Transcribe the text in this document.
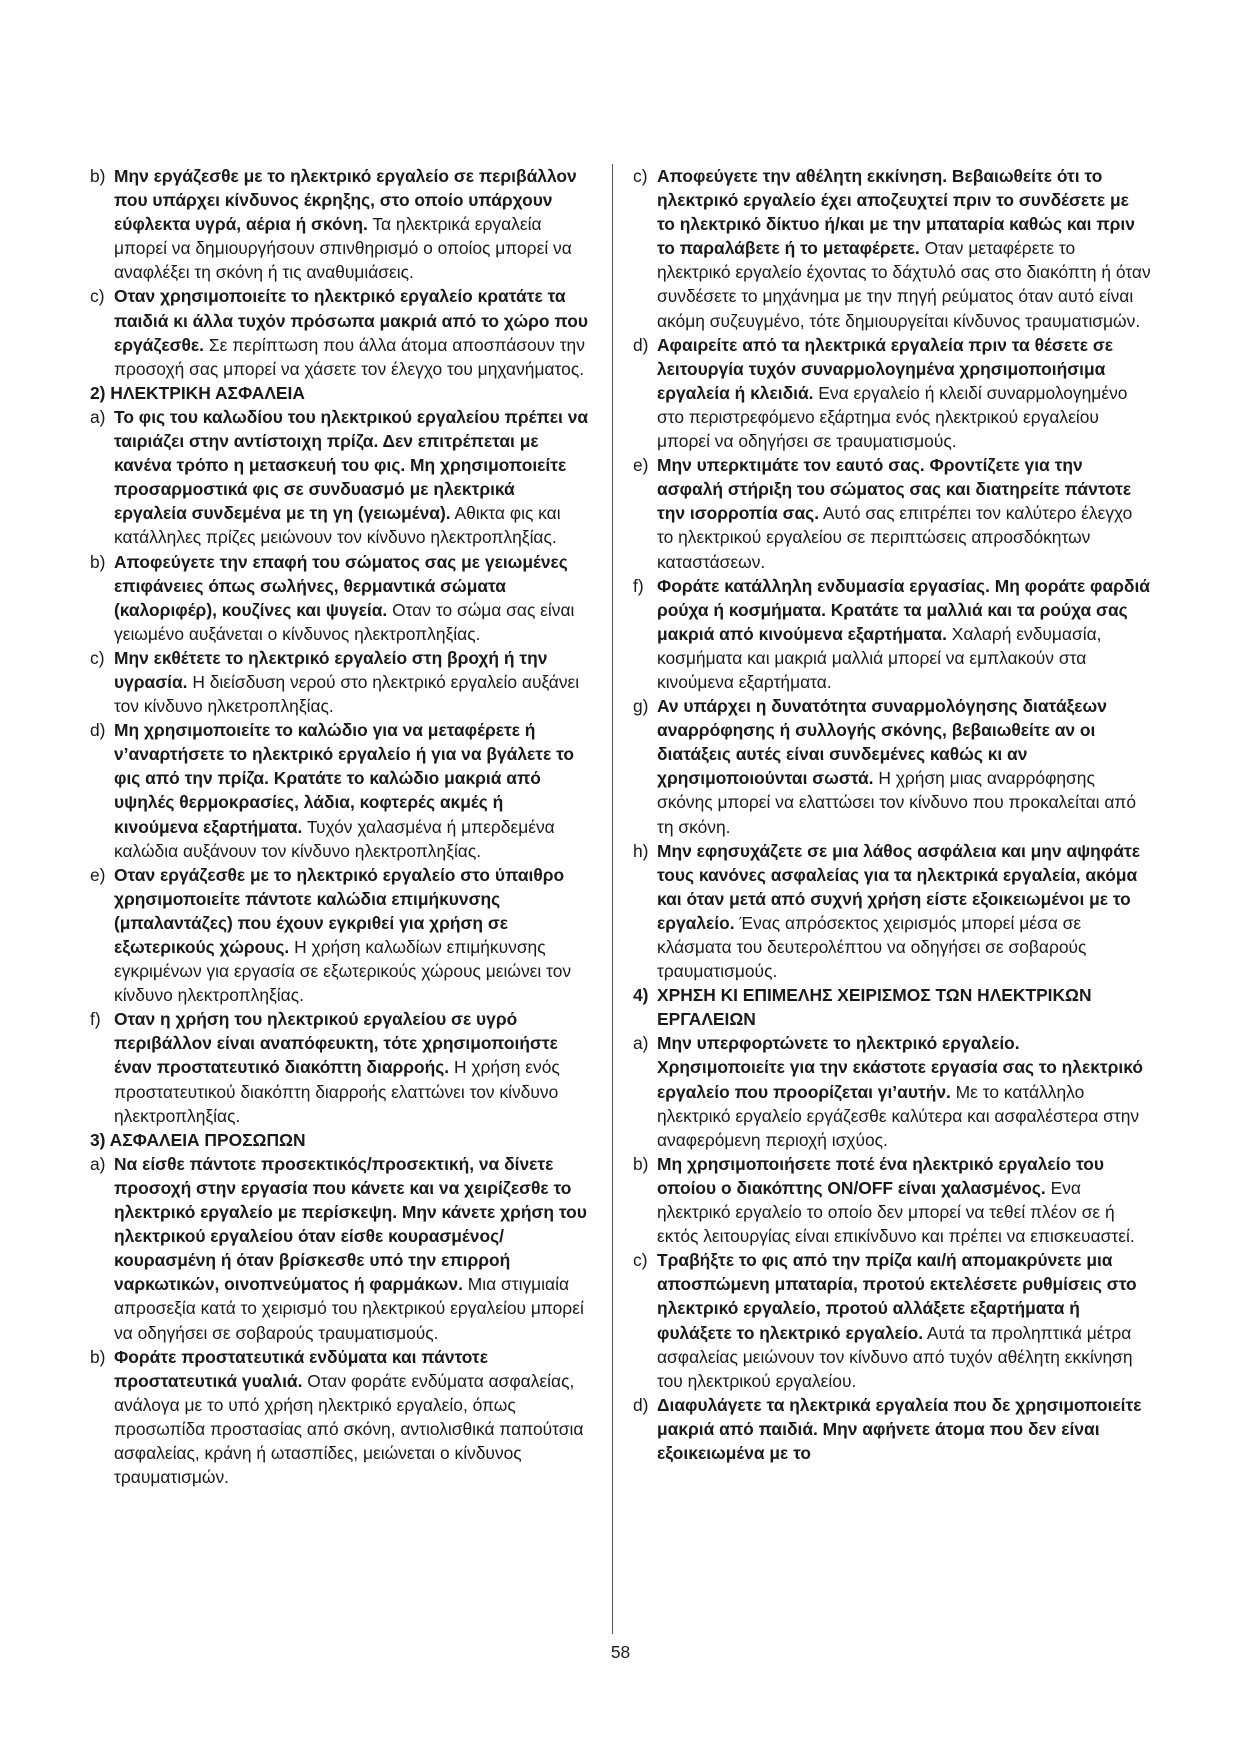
b) Μην εργάζεσθε με το ηλεκτρικό εργαλείο σε περιβάλλον που υπάρχει κίνδυνος έκρηξης, στο οποίο υπάρχουν εύφλεκτα υγρά, αέρια ή σκόνη. Τα ηλεκτρικά εργαλεία μπορεί να δημιουργήσουν σπινθηρισμό ο οποίος μπορεί να αναφλέξει τη σκόνη ή τις αναθυμιάσεις.
c) Οταν χρησιμοποιείτε το ηλεκτρικό εργαλείο κρατάτε τα παιδιά κι άλλα τυχόν πρόσωπα μακριά από το χώρο που εργάζεσθε. Σε περίπτωση που άλλα άτομα αποσπάσουν την προσοχή σας μπορεί να χάσετε τον έλεγχο του μηχανήματος.
2) ΗΛΕΚΤΡΙΚΗ ΑΣΦΑΛΕΙΑ
a) Το φις του καλωδίου του ηλεκτρικού εργαλείου πρέπει να ταιριάζει στην αντίστοιχη πρίζα. Δεν επιτρέπεται με κανένα τρόπο η μετασκευή του φις. Μη χρησιμοποιείτε προσαρμοστικά φις σε συνδυασμό με ηλεκτρικά εργαλεία συνδεμένα με τη γη (γειωμένα). Αθικτα φις και κατάλληλες πρίζες μειώνουν τον κίνδυνο ηλεκτροπληξίας.
b) Αποφεύγετε την επαφή του σώματος σας με γειωμένες επιφάνειες όπως σωλήνες, θερμαντικά σώματα (καλοριφέρ), κουζίνες και ψυγεία. Οταν το σώμα σας είναι γειωμένο αυξάνεται ο κίνδυνος ηλεκτροπληξίας.
c) Μην εκθέτετε το ηλεκτρικό εργαλείο στη βροχή ή την υγρασία. Η διείσδυση νερού στο ηλεκτρικό εργαλείο αυξάνει τον κίνδυνο ηλκετροπληξίας.
d) Μη χρησιμοποιείτε το καλώδιο για να μεταφέρετε ή ν’αναρτήσετε το ηλεκτρικό εργαλείο ή για να βγάλετε το φις από την πρίζα. Κρατάτε το καλώδιο μακριά από υψηλές θερμοκρασίες, λάδια, κοφτερές ακμές ή κινούμενα εξαρτήματα. Τυχόν χαλασμένα ή μπερδεμένα καλώδια αυξάνουν τον κίνδυνο ηλεκτροπληξίας.
e) Οταν εργάζεσθε με το ηλεκτρικό εργαλείο στο ύπαιθρο χρησιμοποιείτε πάντοτε καλώδια επιμήκυνσης (μπαλαντάζες) που έχουν εγκριθεί για χρήση σε εξωτερικούς χώρους. Η χρήση καλωδίων επιμήκυνσης εγκριμένων για εργασία σε εξωτερικούς χώρους μειώνει τον κίνδυνο ηλεκτροπληξίας.
f) Οταν η χρήση του ηλεκτρικού εργαλείου σε υγρό περιβάλλον είναι αναπόφευκτη, τότε χρησιμοποιήστε έναν προστατευτικό διακόπτη διαρροής. Η χρήση ενός προστατευτικού διακόπτη διαρροής ελαττώνει τον κίνδυνο ηλεκτροπληξίας.
3) ΑΣΦΑΛΕΙΑ ΠΡΟΣΩΠΩΝ
a) Να είσθε πάντοτε προσεκτικός/προσεκτική, να δίνετε προσοχή στην εργασία που κάνετε και να χειρίζεσθε το ηλεκτρικό εργαλείο με περίσκεψη. Μην κάνετε χρήση του ηλεκτρικού εργαλείου όταν είσθε κουρασμένος/κουρασμένη ή όταν βρίσκεσθε υπό την επιρροή ναρκωτικών, οινοπνεύματος ή φαρμάκων. Μια στιγμιαία απροσεξία κατά το χειρισμό του ηλεκτρικού εργαλείου μπορεί να οδηγήσει σε σοβαρούς τραυματισμούς.
b) Φοράτε προστατευτικά ενδύματα και πάντοτε προστατευτικά γυαλιά. Οταν φοράτε ενδύματα ασφαλείας, ανάλογα με το υπό χρήση ηλεκτρικό εργαλείο, όπως προσωπίδα προστασίας από σκόνη, αντιολισθικά παπούτσια ασφαλείας, κράνη ή ωτασπίδες, μειώνεται ο κίνδυνος τραυματισμών.
c) Αποφεύγετε την αθέλητη εκκίνηση. Βεβαιωθείτε ότι το ηλεκτρικό εργαλείο έχει αποζευχτεί πριν το συνδέσετε με το ηλεκτρικό δίκτυο ή/και με την μπαταρία καθώς και πριν το παραλάβετε ή το μεταφέρετε. Οταν μεταφέρετε το ηλεκτρικό εργαλείο έχοντας το δάχτυλό σας στο διακόπτη ή όταν συνδέσετε το μηχάνημα με την πηγή ρεύματος όταν αυτό είναι ακόμη συζευγμένο, τότε δημιουργείται κίνδυνος τραυματισμών.
d) Αφαιρείτε από τα ηλεκτρικά εργαλεία πριν τα θέσετε σε λειτουργία τυχόν συναρμολογημένα χρησιμοποιήσιμα εργαλεία ή κλειδιά. Ενα εργαλείο ή κλειδί συναρμολογημένο στο περιστρεφόμενο εξάρτημα ενός ηλεκτρικού εργαλείου μπορεί να οδηγήσει σε τραυματισμούς.
e) Μην υπερκτιμάτε τον εαυτό σας. Φροντίζετε για την ασφαλή στήριξη του σώματος σας και διατηρείτε πάντοτε την ισορροπία σας. Αυτό σας επιτρέπει τον καλύτερο έλεγχο το ηλεκτρικού εργαλείου σε περιπτώσεις απροσδόκητων καταστάσεων.
f) Φοράτε κατάλληλη ενδυμασία εργασίας. Μη φοράτε φαρδιά ρούχα ή κοσμήματα. Κρατάτε τα μαλλιά και τα ρούχα σας μακριά από κινούμενα εξαρτήματα. Χαλαρή ενδυμασία, κοσμήματα και μακριά μαλλιά μπορεί να εμπλακούν στα κινούμενα εξαρτήματα.
g) Αν υπάρχει η δυνατότητα συναρμολόγησης διατάξεων αναρρόφησης ή συλλογής σκόνης, βεβαιωθείτε αν οι διατάξεις αυτές είναι συνδεμένες καθώς κι αν χρησιμοποιούνται σωστά. Η χρήση μιας αναρρόφησης σκόνης μπορεί να ελαττώσει τον κίνδυνο που προκαλείται από τη σκόνη.
h) Μην εφησυχάζετε σε μια λάθος ασφάλεια και μην αψηφάτε τους κανόνες ασφαλείας για τα ηλεκτρικά εργαλεία, ακόμα και όταν μετά από συχνή χρήση είστε εξοικειωμένοι με το εργαλείο. Ένας απρόσεκτος χειρισμός μπορεί μέσα σε κλάσματα του δευτερολέπτου να οδηγήσει σε σοβαρούς τραυματισμούς.
4) ΧΡΗΣΗ ΚΙ ΕΠΙΜΕΛΗΣ ΧΕΙΡΙΣΜΟΣ ΤΩΝ ΗΛΕΚΤΡΙΚΩΝ ΕΡΓΑΛΕΙΩΝ
a) Μην υπερφορτώνετε το ηλεκτρικό εργαλείο. Χρησιμοποιείτε για την εκάστοτε εργασία σας το ηλεκτρικό εργαλείο που προορίζεται γι’αυτήν. Με το κατάλληλο ηλεκτρικό εργαλείο εργάζεσθε καλύτερα και ασφαλέστερα στην αναφερόμενη περιοχή ισχύος.
b) Μη χρησιμοποιήσετε ποτέ ένα ηλεκτρικό εργαλείο του οποίου ο διακόπτης ON/OFF είναι χαλασμένος. Ενα ηλεκτρικό εργαλείο το οποίο δεν μπορεί να τεθεί πλέον σε ή εκτός λειτουργίας είναι επικίνδυνο και πρέπει να επισκευαστεί.
c) Τραβήξτε το φις από την πρίζα και/ή απομακρύνετε μια αποσπώμενη μπαταρία, προτού εκτελέσετε ρυθμίσεις στο ηλεκτρικό εργαλείο, προτού αλλάξετε εξαρτήματα ή φυλάξετε το ηλεκτρικό εργαλείο. Αυτά τα προληπτικά μέτρα ασφαλείας μειώνουν τον κίνδυνο από τυχόν αθέλητη εκκίνηση του ηλεκτρικού εργαλείου.
d) Διαφυλάγετε τα ηλεκτρικά εργαλεία που δε χρησιμοποιείτε μακριά από παιδιά. Μην αφήνετε άτομα που δεν είναι εξοικειωμένα με το
58
